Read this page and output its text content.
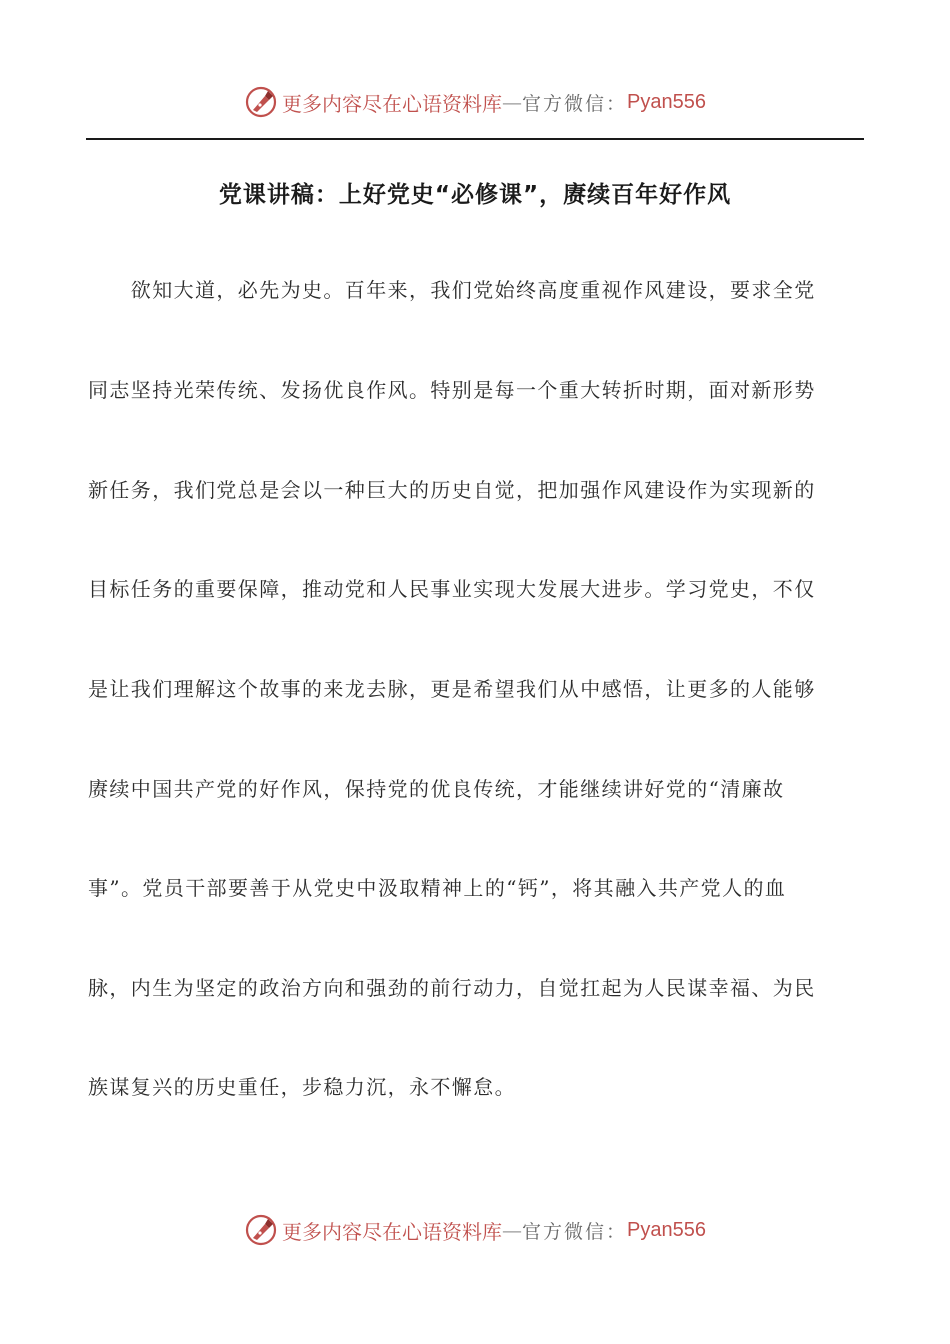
更多内容尽在心语资料库 — 官方微信： Pyan556
党课讲稿：上好党史“必修课”，赓续百年好作风

　　欲知大道，必先为史。百年来，我们党始终高度重视作风建设，要求全党

同志坚持光荣传统、发扬优良作风。特别是每一个重大转折时期，面对新形势

新任务，我们党总是会以一种巨大的历史自觉，把加强作风建设作为实现新的

目标任务的重要保障，推动党和人民事业实现大发展大进步。学习党史，不仅

是让我们理解这个故事的来龙去脉，更是希望我们从中感悟，让更多的人能够

赓续中国共产党的好作风，保持党的优良传统，才能继续讲好党的“清廉故

事”。党员干部要善于从党史中汲取精神上的“钙”，将其融入共产党人的血

脉，内生为坚定的政治方向和强劲的前行动力，自觉扛起为人民谋幸福、为民

族谋复兴的历史重任，步稳力沉，永不懈怠。

更多内容尽在心语资料库 — 官方微信： Pyan556
